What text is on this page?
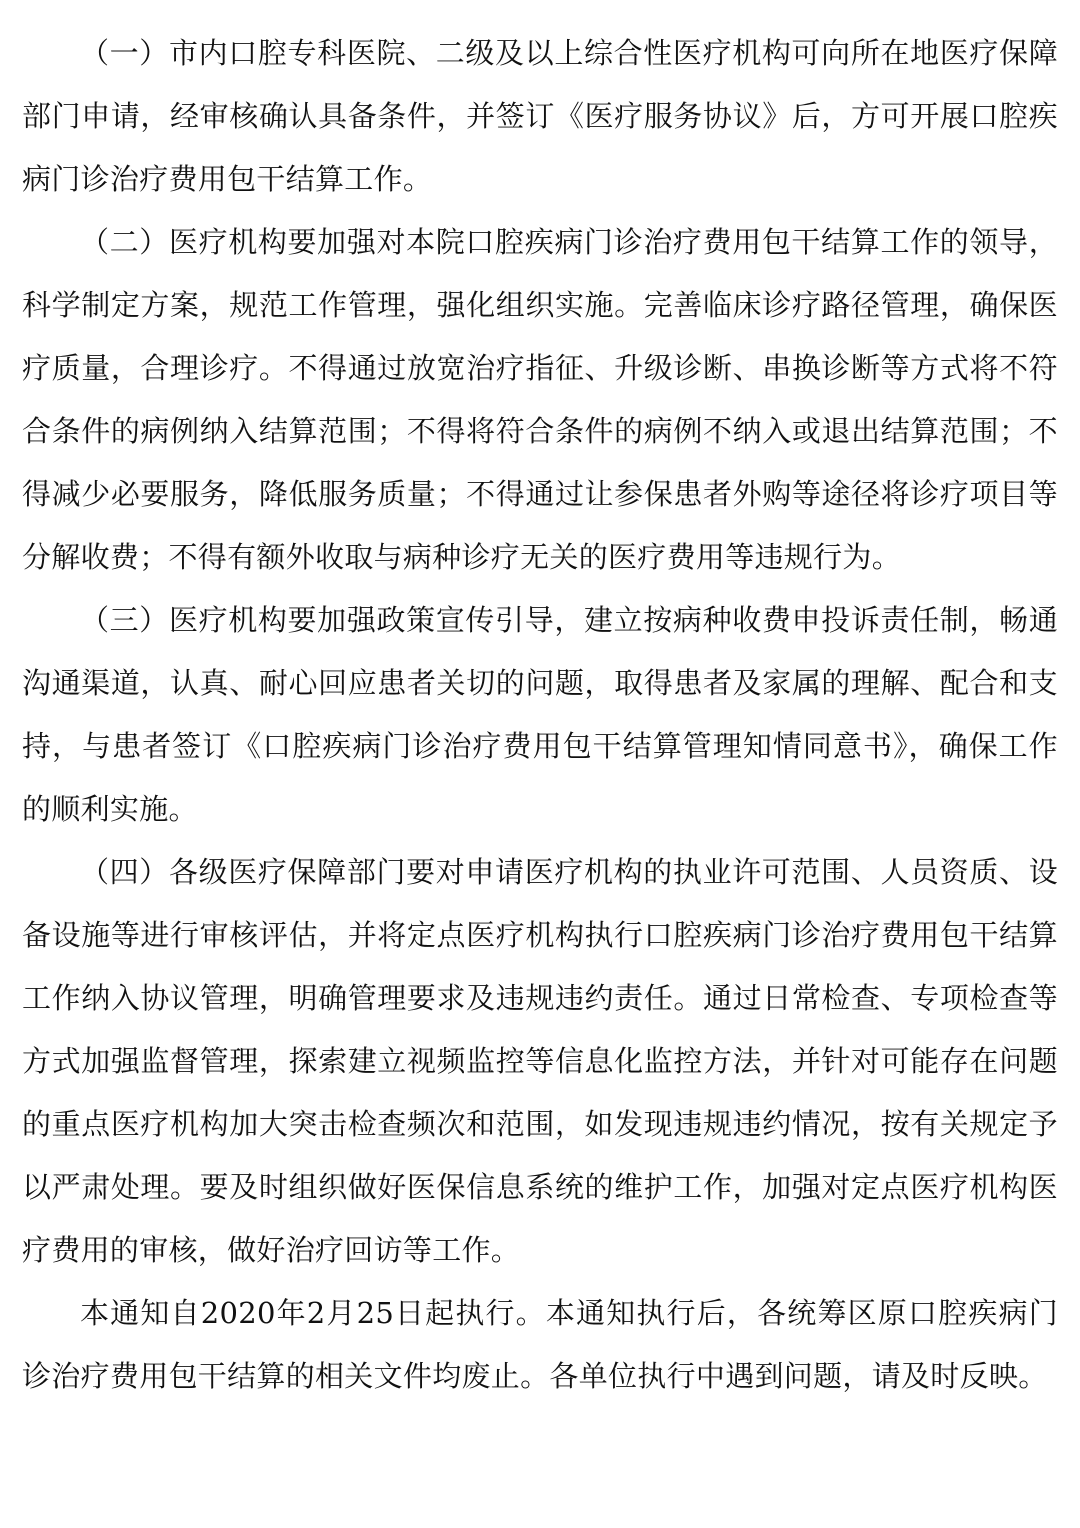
（一）市内口腔专科医院、二级及以上综合性医疗机构可向所在地医疗保障部门申请，经审核确认具备条件，并签订《医疗服务协议》后，方可开展口腔疾病门诊治疗费用包干结算工作。

（二）医疗机构要加强对本院口腔疾病门诊治疗费用包干结算工作的领导，科学制定方案，规范工作管理，强化组织实施。完善临床诊疗路径管理，确保医疗质量，合理诊疗。不得通过放宽治疗指征、升级诊断、串换诊断等方式将不符合条件的病例纳入结算范围；不得将符合条件的病例不纳入或退出结算范围；不得减少必要服务，降低服务质量；不得通过让参保患者外购等途径将诊疗项目等分解收费；不得有额外收取与病种诊疗无关的医疗费用等违规行为。

（三）医疗机构要加强政策宣传引导，建立按病种收费申投诉责任制，畅通沟通渠道，认真、耐心回应患者关切的问题，取得患者及家属的理解、配合和支持，与患者签订《口腔疾病门诊治疗费用包干结算管理知情同意书》，确保工作的顺利实施。

（四）各级医疗保障部门要对申请医疗机构的执业许可范围、人员资质、设备设施等进行审核评估，并将定点医疗机构执行口腔疾病门诊治疗费用包干结算工作纳入协议管理，明确管理要求及违规违约责任。通过日常检查、专项检查等方式加强监督管理，探索建立视频监控等信息化监控方法，并针对可能存在问题的重点医疗机构加大突击检查频次和范围，如发现违规违约情况，按有关规定予以严肃处理。要及时组织做好医保信息系统的维护工作，加强对定点医疗机构医疗费用的审核，做好治疗回访等工作。

本通知自2020年2月25日起执行。本通知执行后，各统筹区原口腔疾病门诊治疗费用包干结算的相关文件均废止。各单位执行中遇到问题，请及时反映。
